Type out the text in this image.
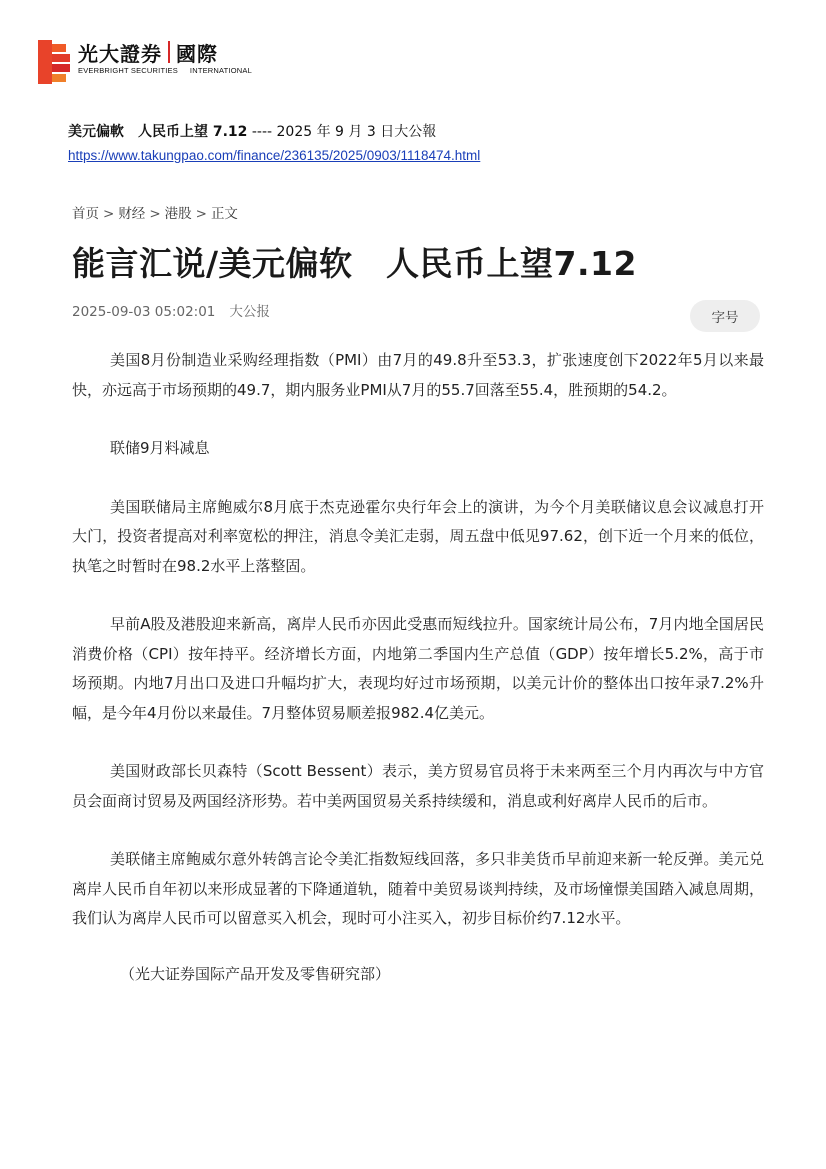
光大證券 國際
EVERBRIGHT SECURITIES INTERNATIONAL
美元偏軟　人民币上望 7.12 ---- 2025 年 9 月 3 日大公報
https://www.takungpao.com/finance/236135/2025/0903/1118474.html
首页 > 财经 > 港股 > 正文
能言汇说/美元偏软　人民币上望7.12
2025-09-03 05:02:01 大公报	字号

美国8月份制造业采购经理指数（PMI）由7月的49.8升至53.3，扩张速度创下2022年5月以来最快，亦远高于市场预期的49.7，期内服务业PMI从7月的55.7回落至55.4，胜预期的54.2。

联储9月料减息

美国联储局主席鲍威尔8月底于杰克逊霍尔央行年会上的演讲，为今个月美联储议息会议减息打开大门，投资者提高对利率宽松的押注，消息令美汇走弱，周五盘中低见97.62，创下近一个月来的低位，执笔之时暂时在98.2水平上落整固。

早前A股及港股迎来新高，离岸人民币亦因此受惠而短线拉升。国家统计局公布，7月内地全国居民消费价格（CPI）按年持平。经济增长方面，内地第二季国内生产总值（GDP）按年增长5.2%，高于市场预期。内地7月出口及进口升幅均扩大，表现均好过市场预期，以美元计价的整体出口按年录7.2%升幅，是今年4月份以来最佳。7月整体贸易顺差报982.4亿美元。

美国财政部长贝森特（Scott Bessent）表示，美方贸易官员将于未来两至三个月内再次与中方官员会面商讨贸易及两国经济形势。若中美两国贸易关系持续缓和，消息或利好离岸人民币的后市。

美联储主席鲍威尔意外转鸽言论令美汇指数短线回落，多只非美货币早前迎来新一轮反弹。美元兑离岸人民币自年初以来形成显著的下降通道轨，随着中美贸易谈判持续，及市场憧憬美国踏入减息周期，我们认为离岸人民币可以留意买入机会，现时可小注买入，初步目标价约7.12水平。

（光大证券国际产品开发及零售研究部）
